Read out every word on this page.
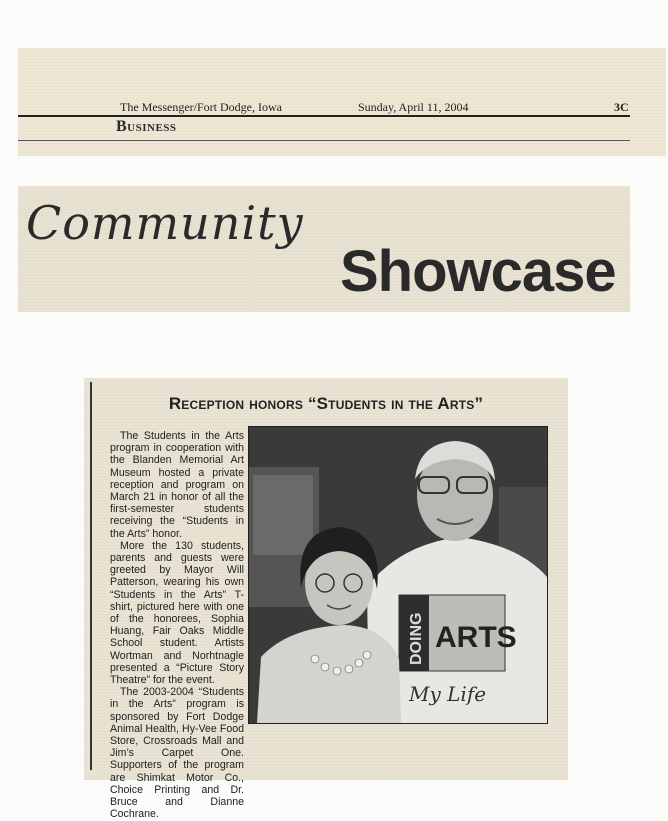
The Messenger/Fort Dodge, Iowa	Sunday, April 11, 2004	3C
Business
Community
Showcase
Reception honors “Students in the Arts”

The Students in the Arts program in cooperation with the Blanden Memorial Art Museum hosted a private reception and program on March 21 in honor of all the first-semester students receiving the “Students in the Arts” honor.

More the 130 students, parents and guests were greeted by Mayor Will Patterson, wearing his own “Students in the Arts” T-shirt, pictured here with one of the honorees, Sophia Huang, Fair Oaks Middle School student. Artists Wortman and Norhtnagle presented a “Picture Story Theatre” for the event.

The 2003-2004 “Students in the Arts” program is sponsored by Fort Dodge Animal Health, Hy-Vee Food Store, Crossroads Mall and Jim’s Carpet One. Supporters of the program are Shimkat Motor Co., Choice Printing and Dr. Bruce and Dianne Cochrane.

DOING ARTS
My Life
